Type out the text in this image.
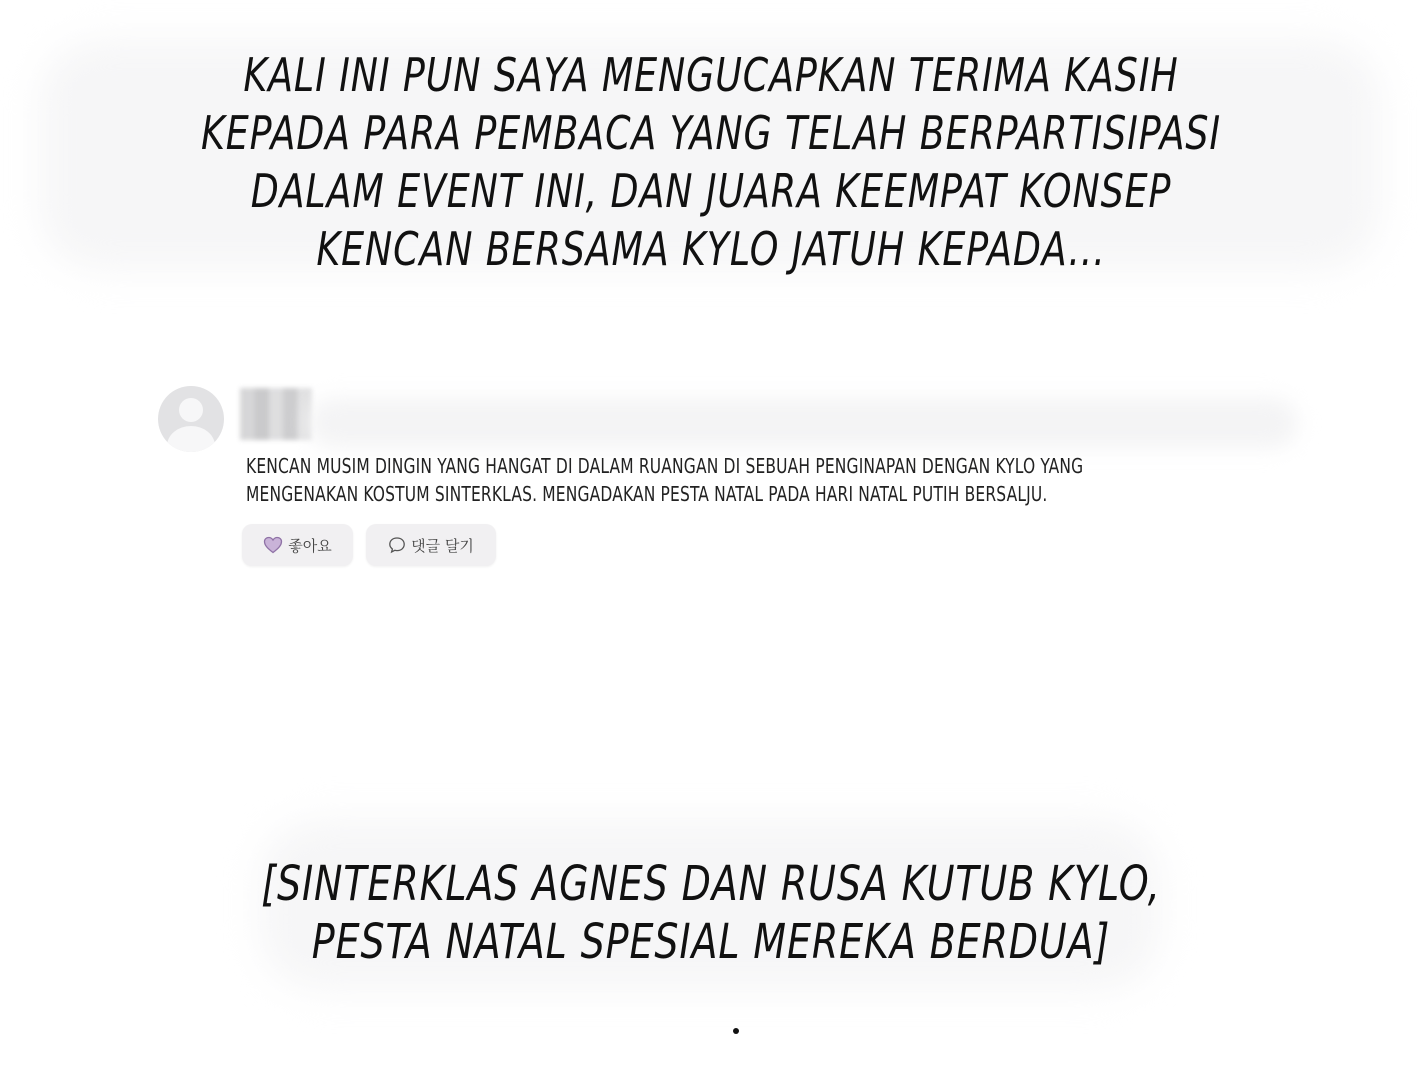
KALI INI PUN SAYA MENGUCAPKAN TERIMA KASIH
KEPADA PARA PEMBACA YANG TELAH BERPARTISIPASI
DALAM EVENT INI, DAN JUARA KEEMPAT KONSEP
KENCAN BERSAMA KYLO JATUH KEPADA...
KENCAN MUSIM DINGIN YANG HANGAT DI DALAM RUANGAN DI SEBUAH PENGINAPAN DENGAN KYLO YANG
MENGENAKAN KOSTUM SINTERKLAS. MENGADAKAN PESTA NATAL PADA HARI NATAL PUTIH BERSALJU.
좋아요	댓글 달기
[SINTERKLAS AGNES DAN RUSA KUTUB KYLO,
PESTA NATAL SPESIAL MEREKA BERDUA]
